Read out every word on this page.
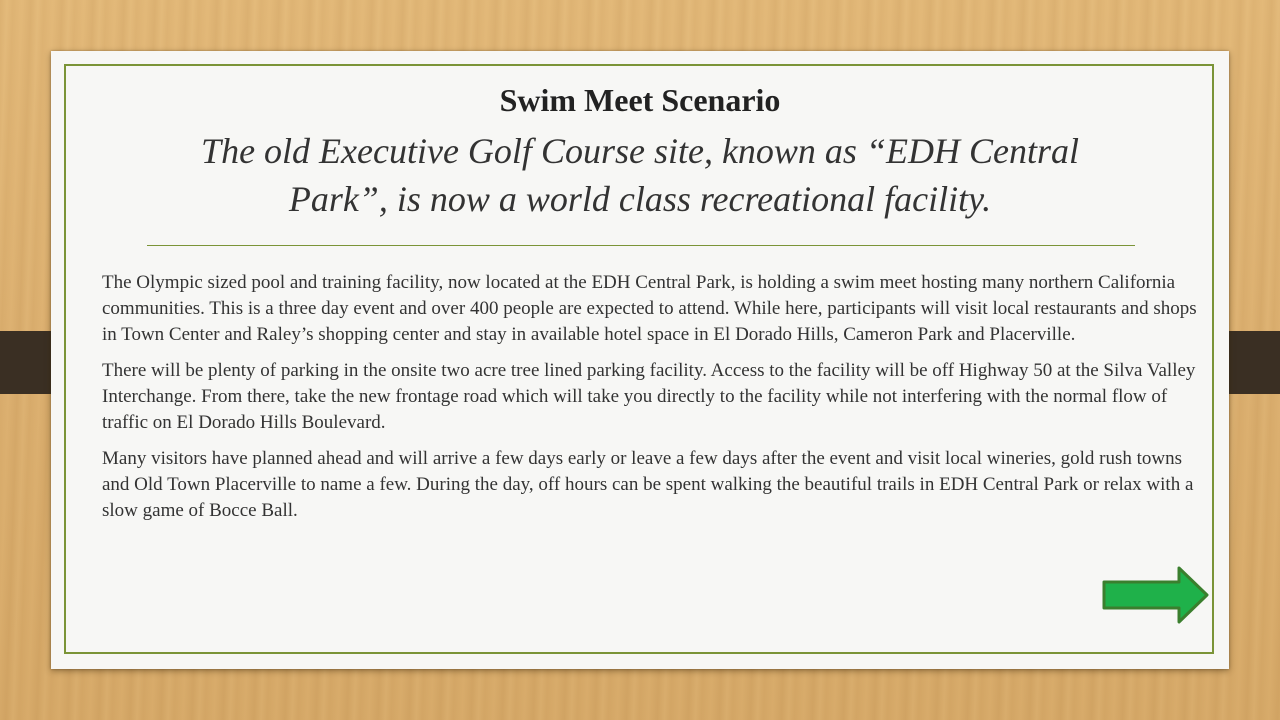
Swim Meet Scenario
The old Executive Golf Course site, known as “EDH Central Park”, is now a world class recreational facility.

The Olympic sized pool and training facility, now located at the EDH Central Park, is holding a swim meet hosting many northern California communities. This is a three day event and over 400 people are expected to attend. While here, participants will visit local restaurants and shops in Town Center and Raley’s shopping center and stay in available hotel space in El Dorado Hills, Cameron Park and Placerville.

There will be plenty of parking in the onsite two acre tree lined parking facility. Access to the facility will be off Highway 50 at the Silva Valley Interchange. From there, take the new frontage road which will take you directly to the facility while not interfering with the normal flow of traffic on El Dorado Hills Boulevard.

Many visitors have planned ahead and will arrive a few days early or leave a few days after the event and visit local wineries, gold rush towns and Old Town Placerville to name a few. During the day, off hours can be spent walking the beautiful trails in EDH Central Park or relax with a slow game of Bocce Ball.
